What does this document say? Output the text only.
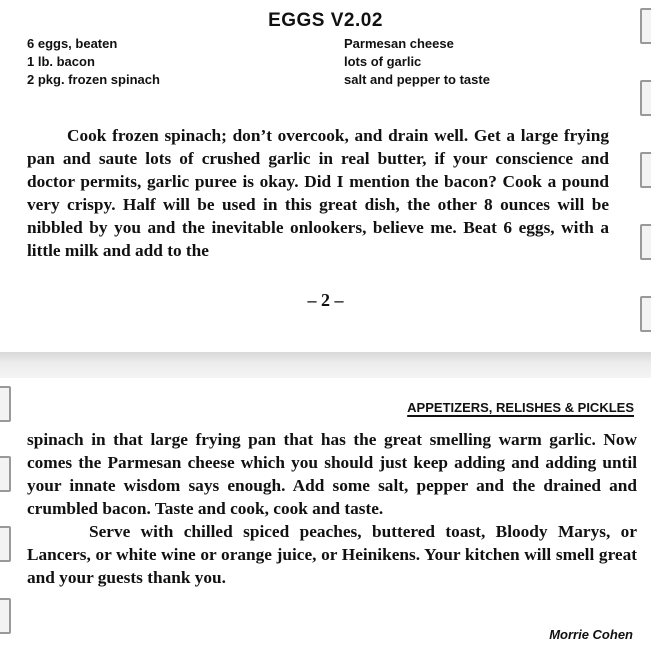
EGGS V2.02
6 eggs, beaten
1 lb. bacon
2 pkg. frozen spinach
Parmesan cheese
lots of garlic
salt and pepper to taste

Cook frozen spinach; don’t overcook, and drain well. Get a large frying pan and saute lots of crushed garlic in real butter, if your conscience and doctor permits, garlic puree is okay. Did I mention the bacon? Cook a pound very crispy. Half will be used in this great dish, the other 8 ounces will be nibbled by you and the inevitable onlookers, believe me. Beat 6 eggs, with a little milk and add to the

– 2 –
APPETIZERS, RELISHES & PICKLES

spinach in that large frying pan that has the great smelling warm garlic. Now comes the Parmesan cheese which you should just keep adding and adding until your innate wisdom says enough. Add some salt, pepper and the drained and crumbled bacon. Taste and cook, cook and taste.

Serve with chilled spiced peaches, buttered toast, Bloody Marys, or Lancers, or white wine or orange juice, or Heinikens. Your kitchen will smell great and your guests thank you.

Morrie Cohen
